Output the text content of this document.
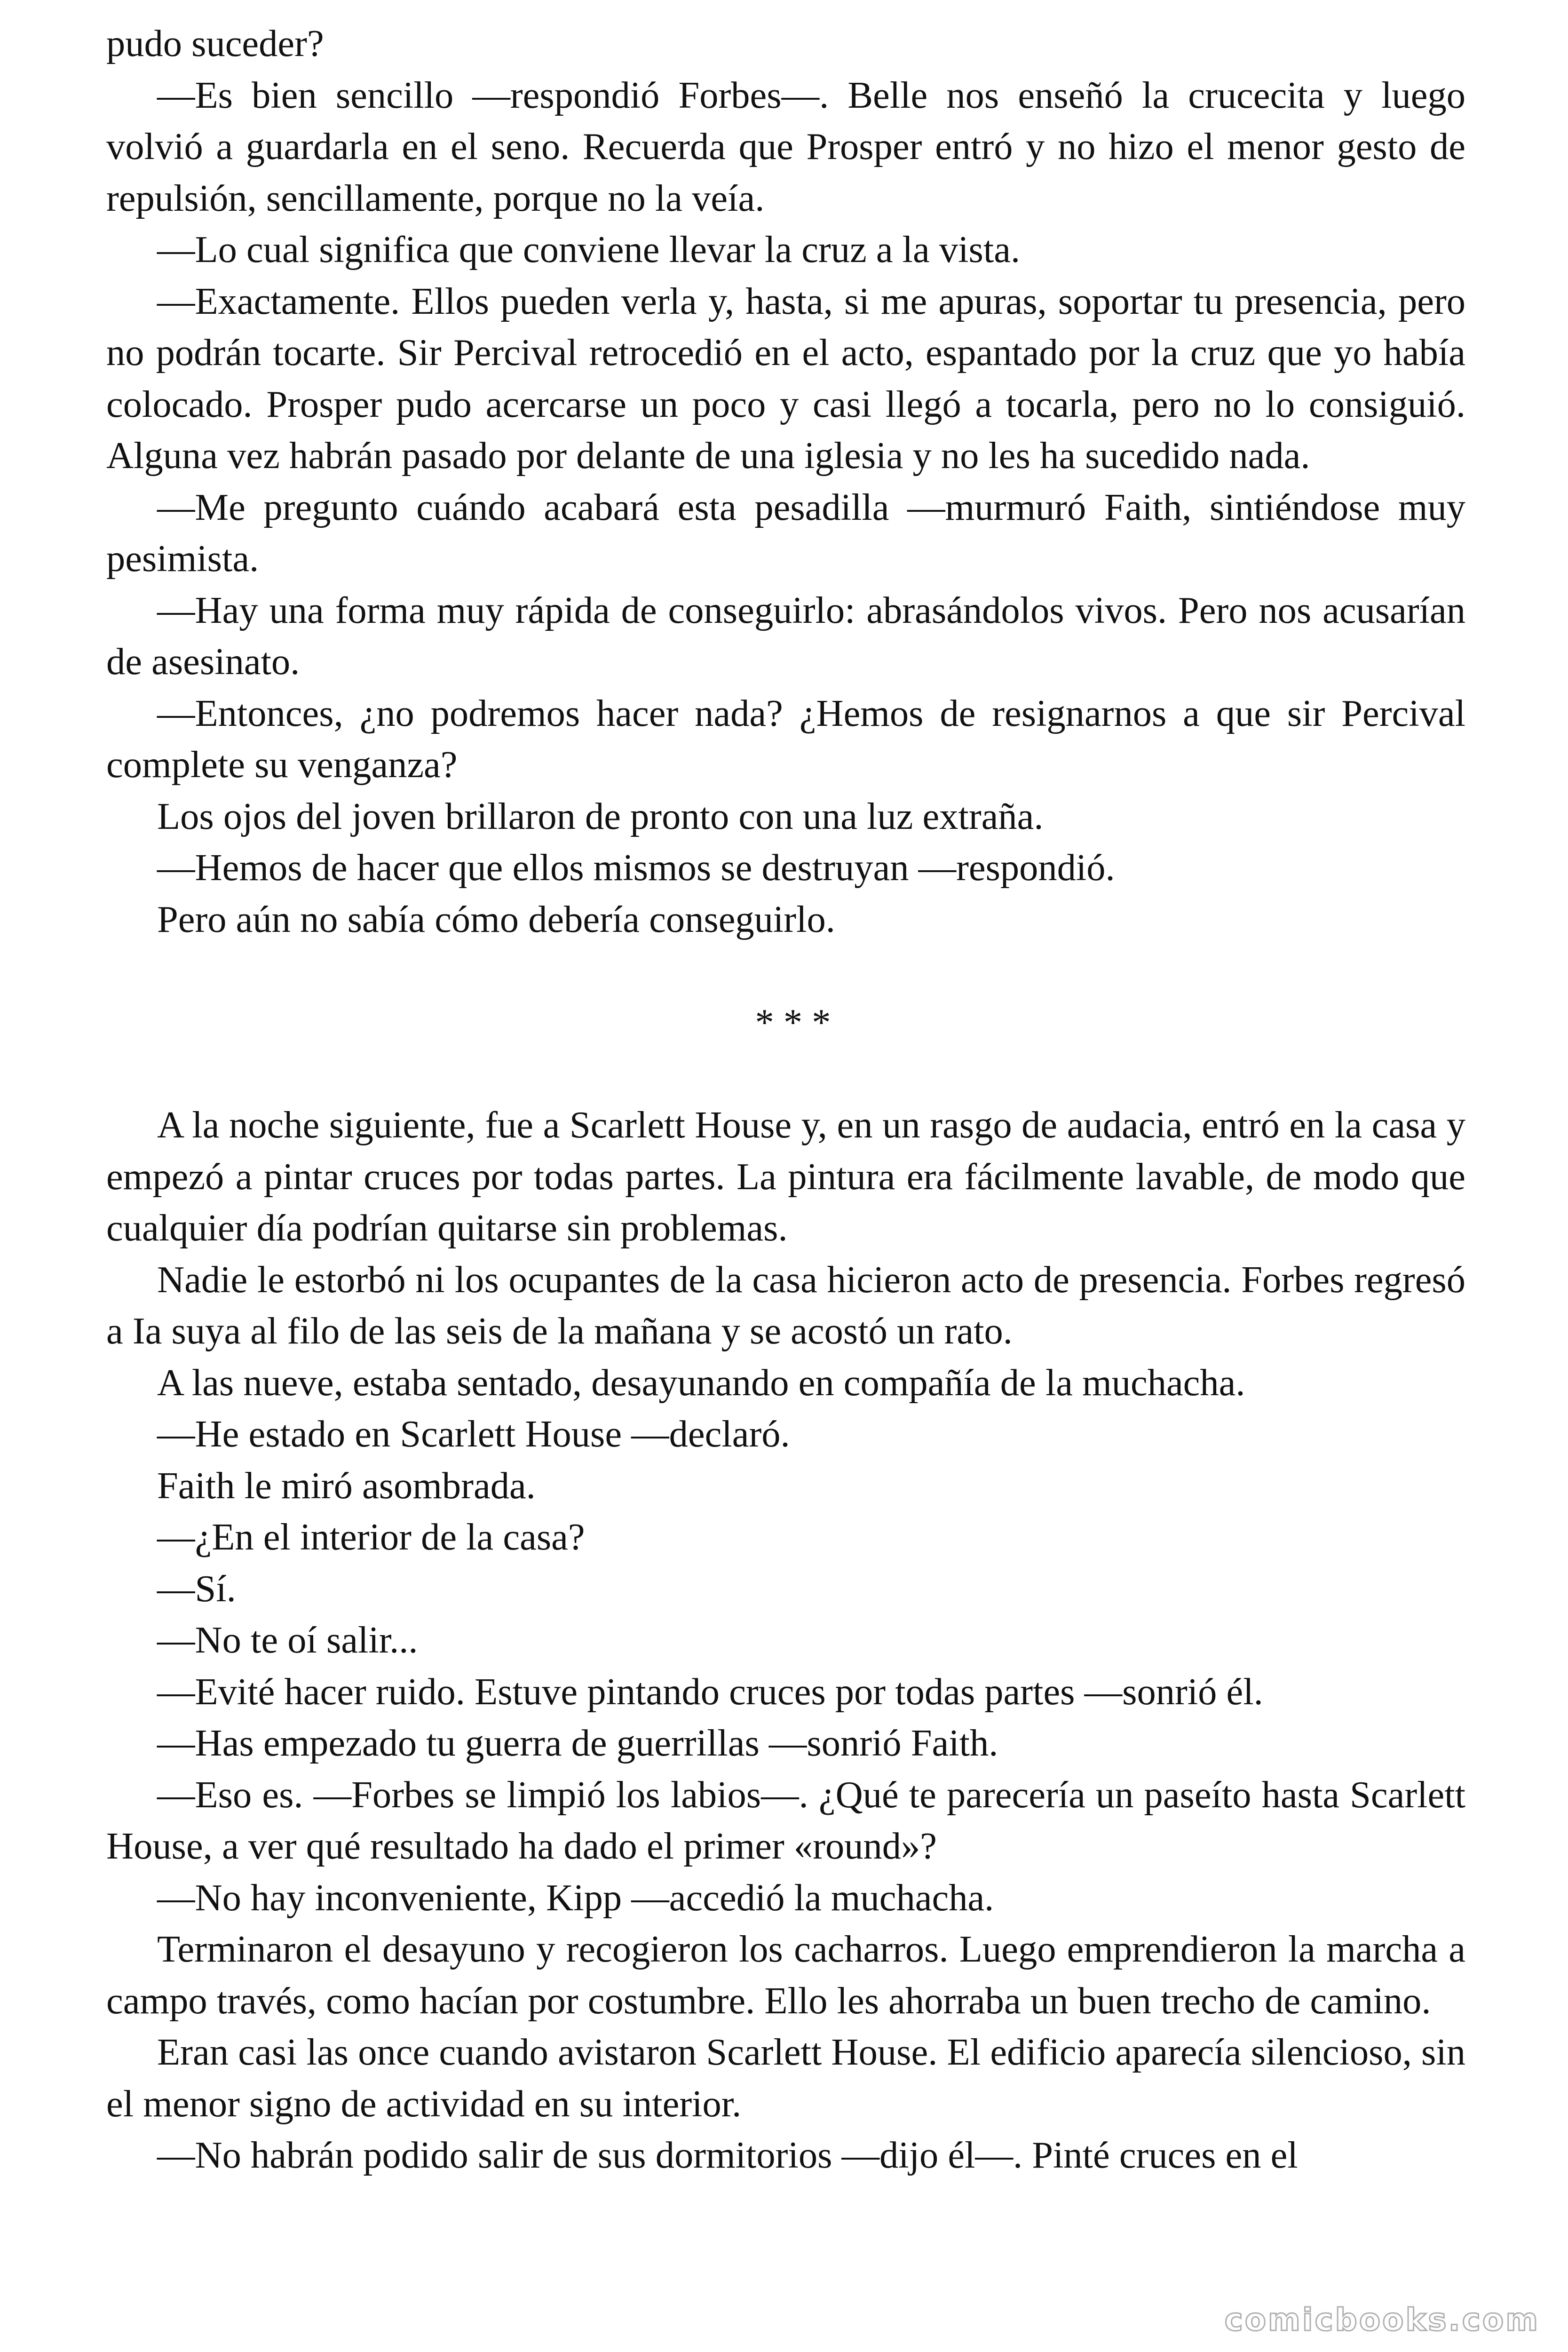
pudo suceder?

—Es bien sencillo —respondió Forbes—. Belle nos enseñó la crucecita y luego volvió a guardarla en el seno. Recuerda que Prosper entró y no hizo el menor gesto de repulsión, sencillamente, porque no la veía.

—Lo cual significa que conviene llevar la cruz a la vista.

—Exactamente. Ellos pueden verla y, hasta, si me apuras, soportar tu presencia, pero no podrán tocarte. Sir Percival retrocedió en el acto, espantado por la cruz que yo había colocado. Prosper pudo acercarse un poco y casi llegó a tocarla, pero no lo consiguió. Alguna vez habrán pasado por delante de una iglesia y no les ha sucedido nada.

—Me pregunto cuándo acabará esta pesadilla —murmuró Faith, sintiéndose muy pesimista.

—Hay una forma muy rápida de conseguirlo: abrasándolos vivos. Pero nos acusarían de asesinato.

—Entonces, ¿no podremos hacer nada? ¿Hemos de resignarnos a que sir Percival complete su venganza?

Los ojos del joven brillaron de pronto con una luz extraña.

—Hemos de hacer que ellos mismos se destruyan —respondió.

Pero aún no sabía cómo debería conseguirlo.

* * *

A la noche siguiente, fue a Scarlett House y, en un rasgo de audacia, entró en la casa y empezó a pintar cruces por todas partes. La pintura era fácilmente lavable, de modo que cualquier día podrían quitarse sin problemas.

Nadie le estorbó ni los ocupantes de la casa hicieron acto de presencia. Forbes regresó a Ia suya al filo de las seis de la mañana y se acostó un rato.

A las nueve, estaba sentado, desayunando en compañía de la muchacha.

—He estado en Scarlett House —declaró.

Faith le miró asombrada.

—¿En el interior de la casa?

—Sí.

—No te oí salir...

—Evité hacer ruido. Estuve pintando cruces por todas partes —sonrió él.

—Has empezado tu guerra de guerrillas —sonrió Faith.

—Eso es. —Forbes se limpió los labios—. ¿Qué te parecería un paseíto hasta Scarlett House, a ver qué resultado ha dado el primer «round»?

—No hay inconveniente, Kipp —accedió la muchacha.

Terminaron el desayuno y recogieron los cacharros. Luego emprendieron la marcha a campo través, como hacían por costumbre. Ello les ahorraba un buen trecho de camino.

Eran casi las once cuando avistaron Scarlett House. El edificio aparecía silencioso, sin el menor signo de actividad en su interior.

—No habrán podido salir de sus dormitorios —dijo él—. Pinté cruces en el

comicbooks.com
